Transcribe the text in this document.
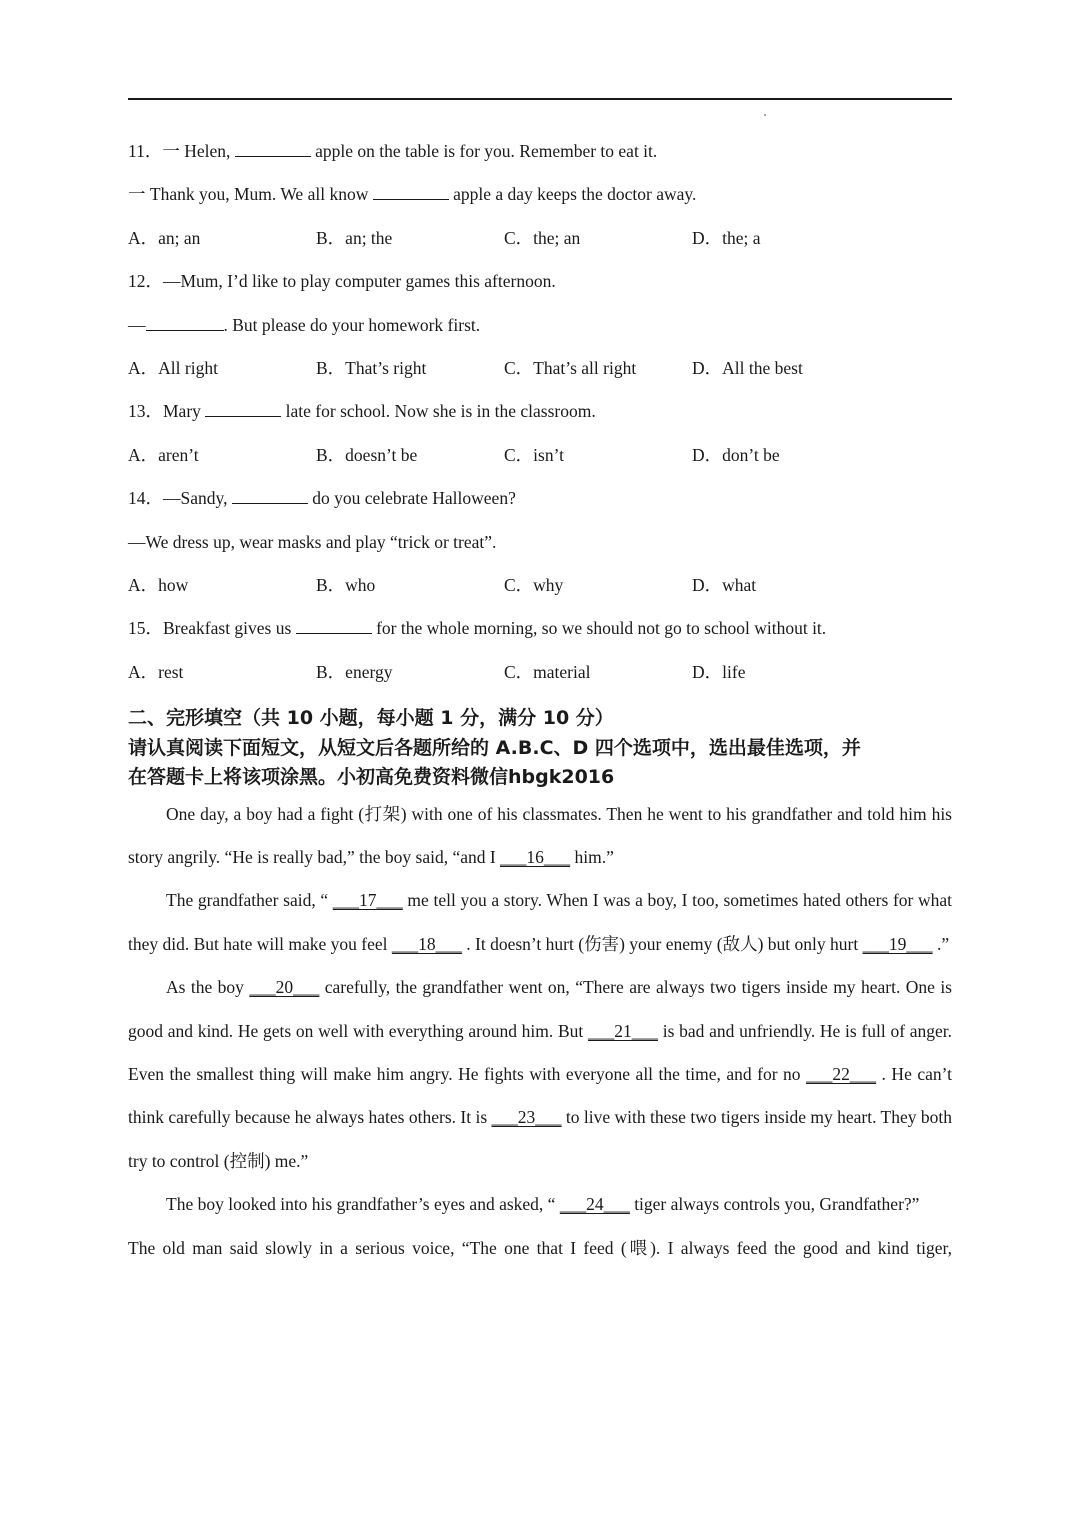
11．一 Helen,	apple on the table is for you. Remember to eat it.
一 Thank you, Mum. We all know	apple a day keeps the doctor away.
A．an; an	B．an; the	C．the; an	D．the; a
12．—Mum, I’d like to play computer games this afternoon.
—	. But please do your homework first.
A．All right	B．That’s right	C．That’s all right	D．All the best
13．Mary	late for school. Now she is in the classroom.
A．aren’t	B．doesn’t be	C．isn’t	D．don’t be
14．—Sandy,	do you celebrate Halloween?
—We dress up, wear masks and play “trick or treat”.
A．how	B．who	C．why	D．what
15．Breakfast gives us	for the whole morning, so we should not go to school without it.
A．rest	B．energy	C．material	D．life
二、完形填空（共 10 小题，每小题 1 分，满分 10 分）
请认真阅读下面短文，从短文后各题所给的 A.B.C、D 四个选项中，选出最佳选项，并
在答题卡上将该项涂黑。小初高免费资料微信hbgk2016

One day, a boy had a fight (打架) with one of his classmates. Then he went to his grandfather and told him his story angrily. “He is really bad,” the boy said, “and I ___16___ him.”

The grandfather said, “ ___17___ me tell you a story. When I was a boy, I too, sometimes hated others for what they did. But hate will make you feel ___18___ . It doesn’t hurt (伤害) your enemy (敌人) but only hurt ___19___ .”

As the boy ___20___ carefully, the grandfather went on, “There are always two tigers inside my heart. One is good and kind. He gets on well with everything around him. But ___21___ is bad and unfriendly. He is full of anger. Even the smallest thing will make him angry. He fights with everyone all the time, and for no ___22___ . He can’t think carefully because he always hates others. It is ___23___ to live with these two tigers inside my heart. They both try to control (控制) me.”

The boy looked into his grandfather’s eyes and asked, “ ___24___ tiger always controls you, Grandfather?”

The old man said slowly in a serious voice, “The one that I feed (喂). I always feed the good and kind tiger,
